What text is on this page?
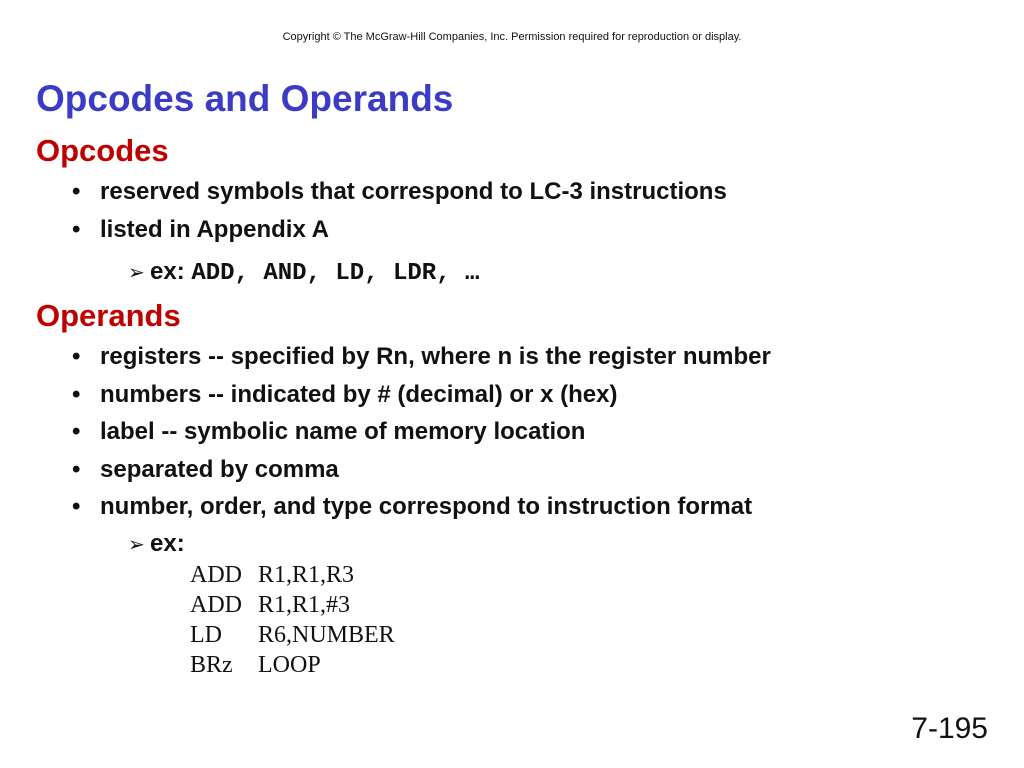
Copyright © The McGraw-Hill Companies, Inc. Permission required for reproduction or display.
Opcodes and Operands
Opcodes
• reserved symbols that correspond to LC-3 instructions
• listed in Appendix A
➢ ex: ADD, AND, LD, LDR, …
Operands
• registers -- specified by Rn, where n is the register number
• numbers -- indicated by # (decimal) or x (hex)
• label -- symbolic name of memory location
• separated by comma
• number, order, and type correspond to instruction format
➢ ex:
ADD R1,R1,R3
ADD R1,R1,#3
LD R6,NUMBER
BRz LOOP
7-195
